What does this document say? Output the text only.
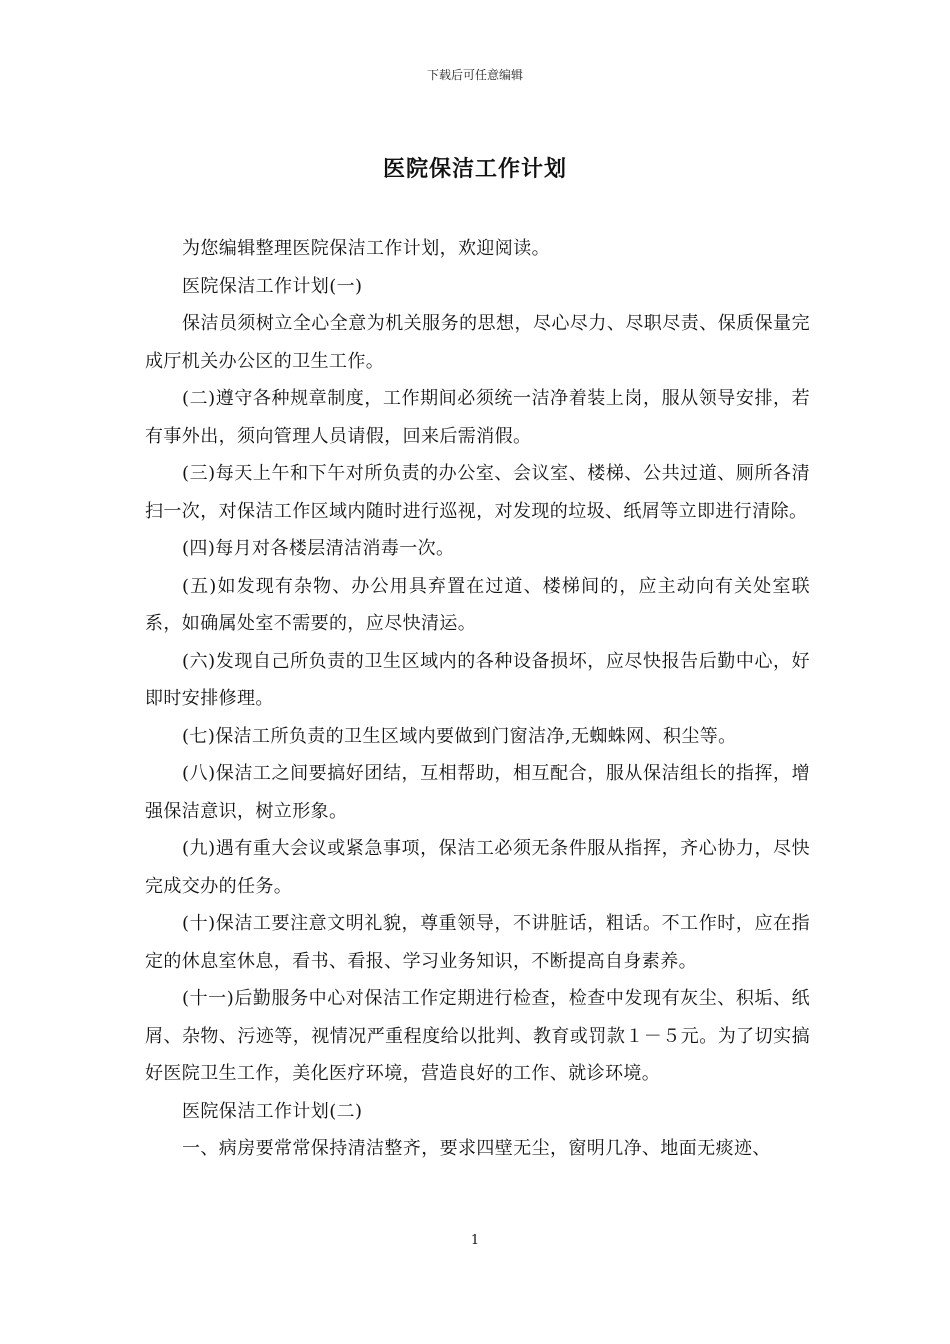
下载后可任意编辑
医院保洁工作计划

为您编辑整理医院保洁工作计划，欢迎阅读。

医院保洁工作计划(一)

保洁员须树立全心全意为机关服务的思想，尽心尽力、尽职尽责、保质保量完成厅机关办公区的卫生工作。

(二)遵守各种规章制度，工作期间必须统一洁净着装上岗，服从领导安排，若有事外出，须向管理人员请假，回来后需消假。

(三)每天上午和下午对所负责的办公室、会议室、楼梯、公共过道、厕所各清扫一次，对保洁工作区域内随时进行巡视，对发现的垃圾、纸屑等立即进行清除。

(四)每月对各楼层清洁消毒一次。

(五)如发现有杂物、办公用具弃置在过道、楼梯间的，应主动向有关处室联系，如确属处室不需要的，应尽快清运。

(六)发现自己所负责的卫生区域内的各种设备损坏，应尽快报告后勤中心，好即时安排修理。

(七)保洁工所负责的卫生区域内要做到门窗洁净,无蜘蛛网、积尘等。

(八)保洁工之间要搞好团结，互相帮助，相互配合，服从保洁组长的指挥，增强保洁意识，树立形象。

(九)遇有重大会议或紧急事项，保洁工必须无条件服从指挥，齐心协力，尽快完成交办的任务。

(十)保洁工要注意文明礼貌，尊重领导，不讲脏话，粗话。不工作时，应在指定的休息室休息，看书、看报、学习业务知识，不断提高自身素养。

(十一)后勤服务中心对保洁工作定期进行检查，检查中发现有灰尘、积垢、纸屑、杂物、污迹等，视情况严重程度给以批判、教育或罚款１－５元。为了切实搞好医院卫生工作，美化医疗环境，营造良好的工作、就诊环境。

医院保洁工作计划(二)

一、病房要常常保持清洁整齐，要求四壁无尘，窗明几净、地面无痰迹、

1
